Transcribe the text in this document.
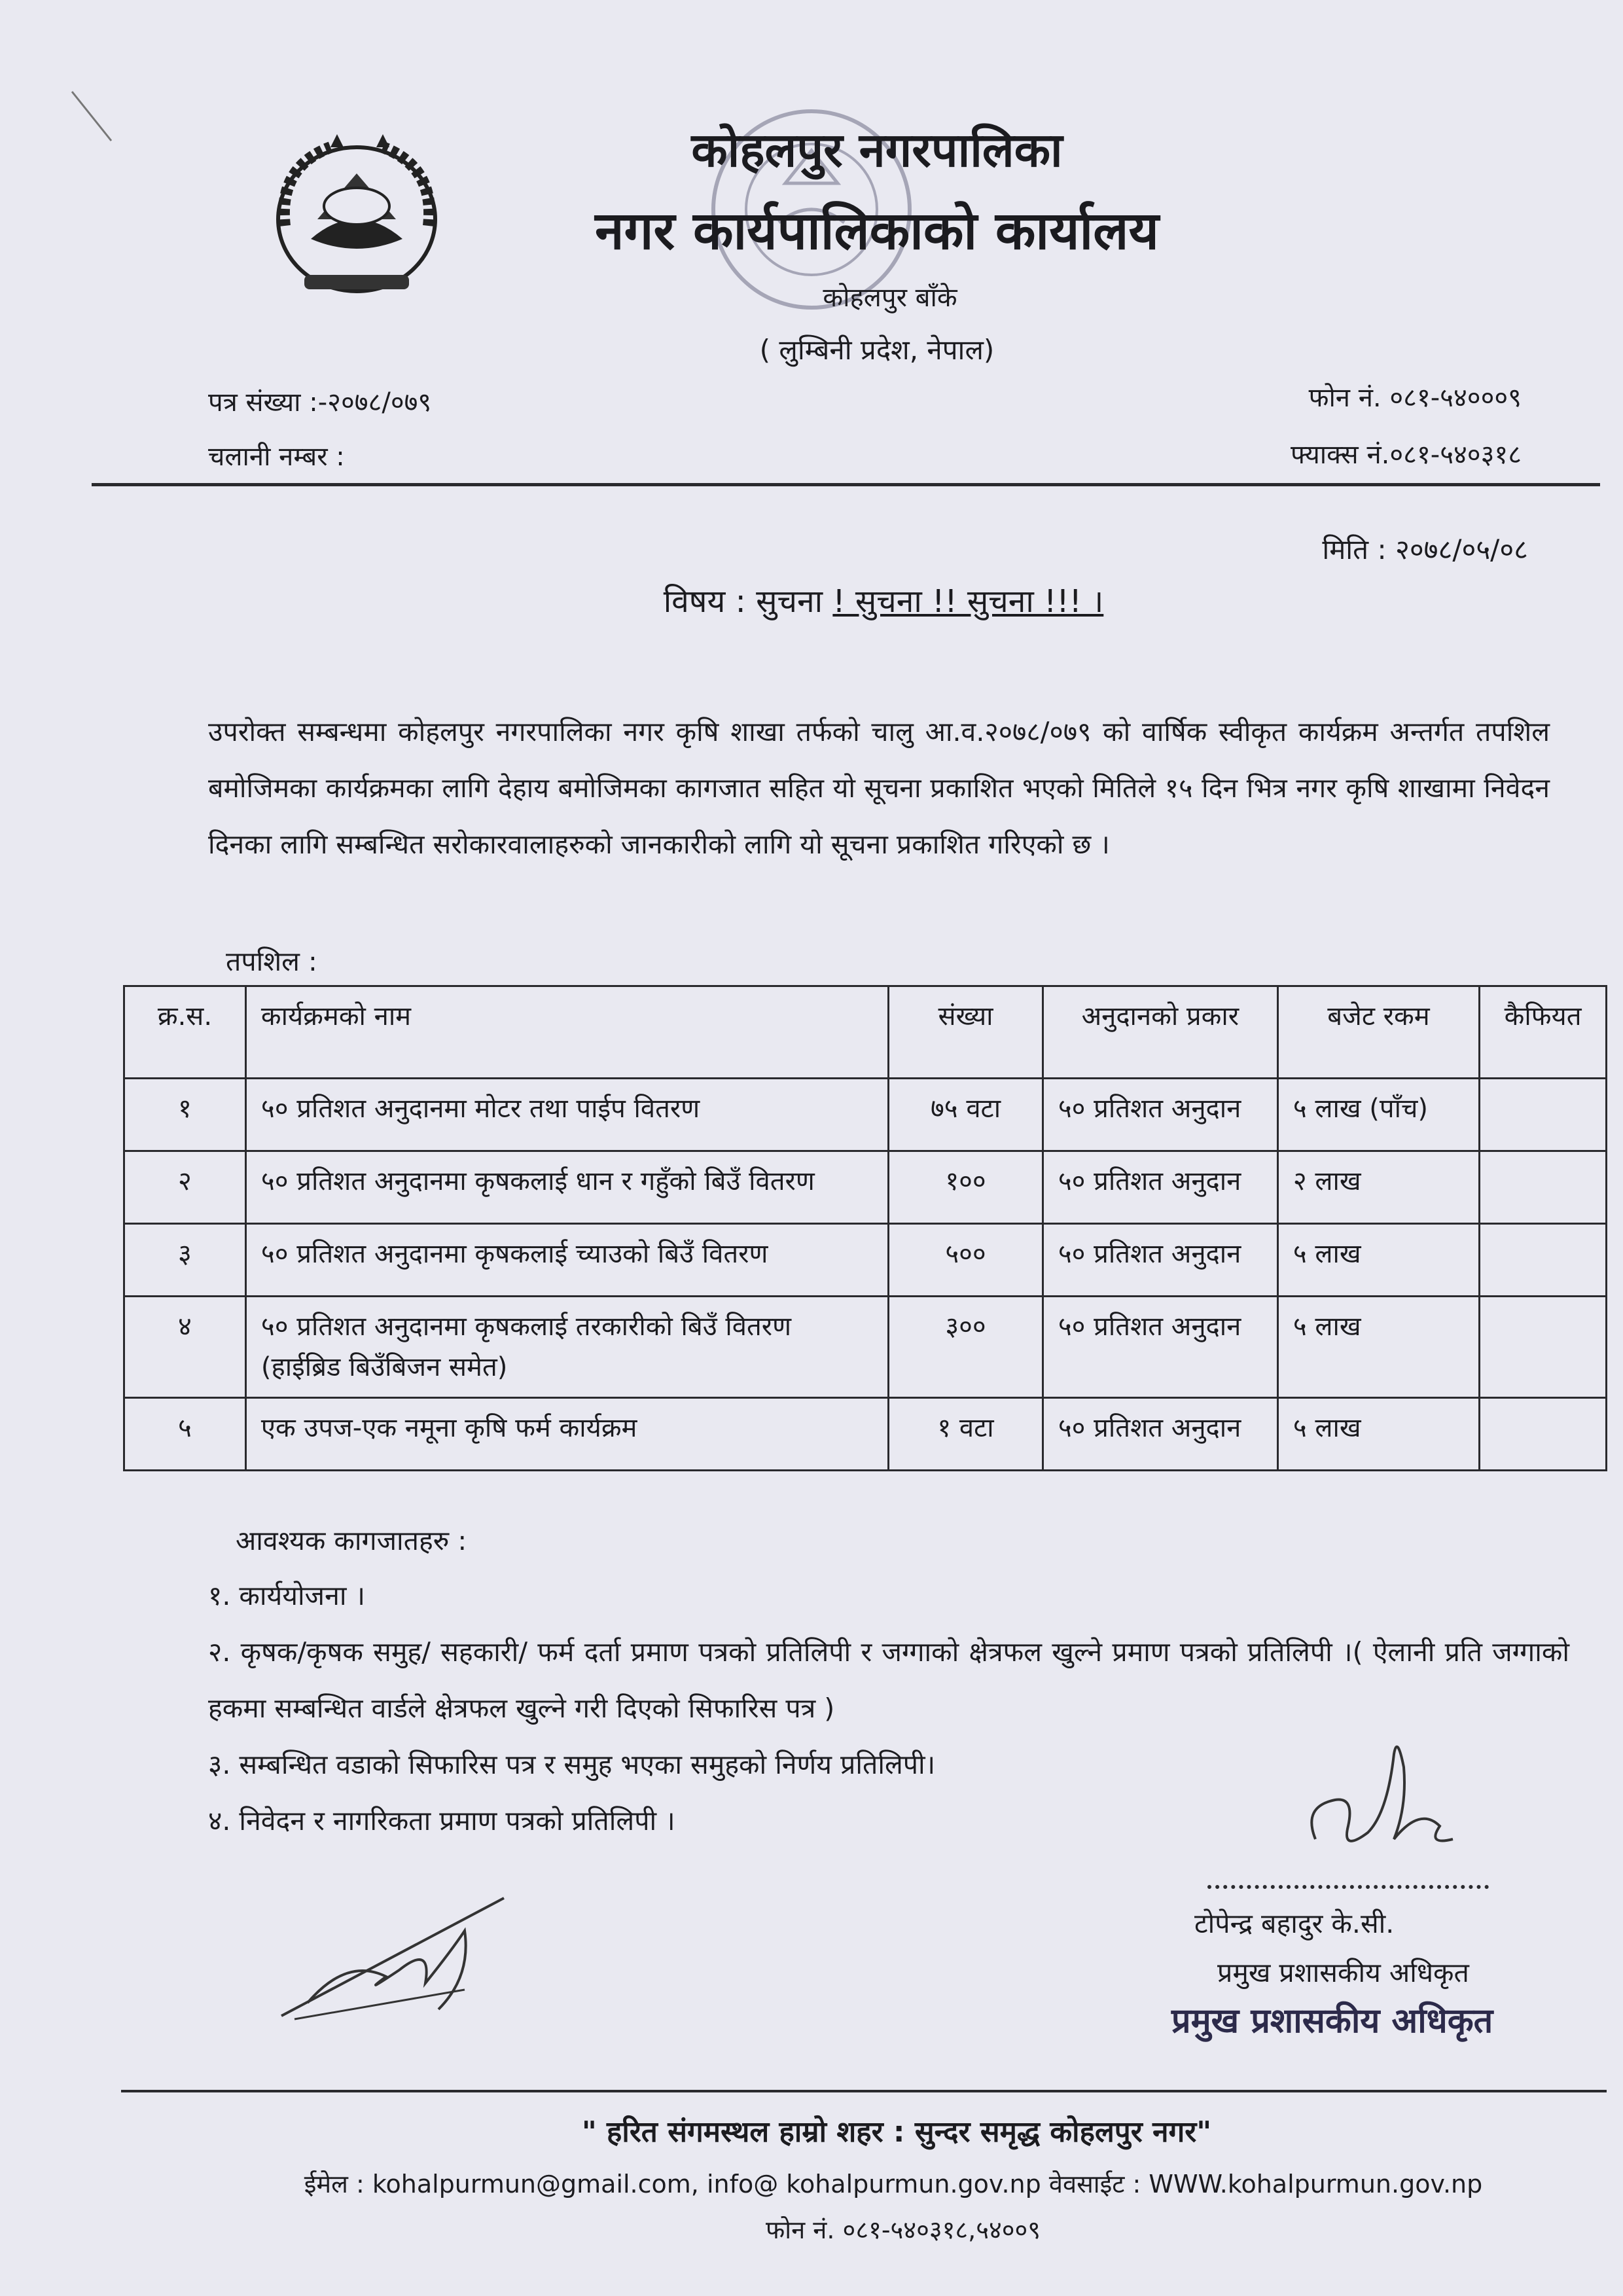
कोहलपुर नगरपालिका
नगर कार्यपालिकाको कार्यालय
कोहलपुर बाँके
( लुम्बिनी प्रदेश, नेपाल)
पत्र संख्या :-२०७८/०७९
चलानी नम्बर :
फोन नं. ०८१-५४०००९
फ्याक्स नं.०८१-५४०३१८
मिति : २०७८/०५/०८
विषय : सुचना ! सुचना !! सुचना !!! ।

उपरोक्त सम्बन्धमा कोहलपुर नगरपालिका नगर कृषि शाखा तर्फको चालु आ.व.२०७८/०७९ को वार्षिक स्वीकृत कार्यक्रम अन्तर्गत तपशिल बमोजिमका कार्यक्रमका लागि देहाय बमोजिमका कागजात सहित यो सूचना प्रकाशित भएको मितिले १५ दिन भित्र नगर कृषि शाखामा निवेदन दिनका लागि सम्बन्धित सरोकारवालाहरुको जानकारीको लागि यो सूचना प्रकाशित गरिएको छ ।

तपशिल :
क्र.स.	कार्यक्रमको नाम	संख्या	अनुदानको प्रकार	बजेट रकम	कैफियत
१	५० प्रतिशत अनुदानमा मोटर तथा पाईप वितरण	७५ वटा	५० प्रतिशत अनुदान	५ लाख (पाँच)	
२	५० प्रतिशत अनुदानमा कृषकलाई धान र गहुँको बिउँ वितरण	१००	५० प्रतिशत अनुदान	२ लाख	
३	५० प्रतिशत अनुदानमा कृषकलाई च्याउको बिउँ वितरण	५००	५० प्रतिशत अनुदान	५ लाख	
४	५० प्रतिशत अनुदानमा कृषकलाई तरकारीको बिउँ वितरण (हाईब्रिड बिउँबिजन समेत)	३००	५० प्रतिशत अनुदान	५ लाख	
५	एक उपज-एक नमूना कृषि फर्म कार्यक्रम	१ वटा	५० प्रतिशत अनुदान	५ लाख	
आवश्यक कागजातहरु :
१. कार्ययोजना ।
२. कृषक/कृषक समुह/ सहकारी/ फर्म दर्ता प्रमाण पत्रको प्रतिलिपी र जग्गाको क्षेत्रफल खुल्ने प्रमाण पत्रको प्रतिलिपी ।( ऐलानी प्रति जग्गाको हकमा सम्बन्धित वार्डले क्षेत्रफल खुल्ने गरी दिएको सिफारिस पत्र )
३. सम्बन्धित वडाको सिफारिस पत्र र समुह भएका समुहको निर्णय प्रतिलिपी।
४. निवेदन र नागरिकता प्रमाण पत्रको प्रतिलिपी ।
टोपेन्द्र बहादुर के.सी.
प्रमुख प्रशासकीय अधिकृत
प्रमुख प्रशासकीय अधिकृत
" हरित संगमस्थल हाम्रो शहर : सुन्दर समृद्ध कोहलपुर नगर"
ईमेल : kohalpurmun@gmail.com, info@ kohalpurmun.gov.np वेवसाईट : WWW.kohalpurmun.gov.np
फोन नं. ०८१-५४०३१८,५४००९
